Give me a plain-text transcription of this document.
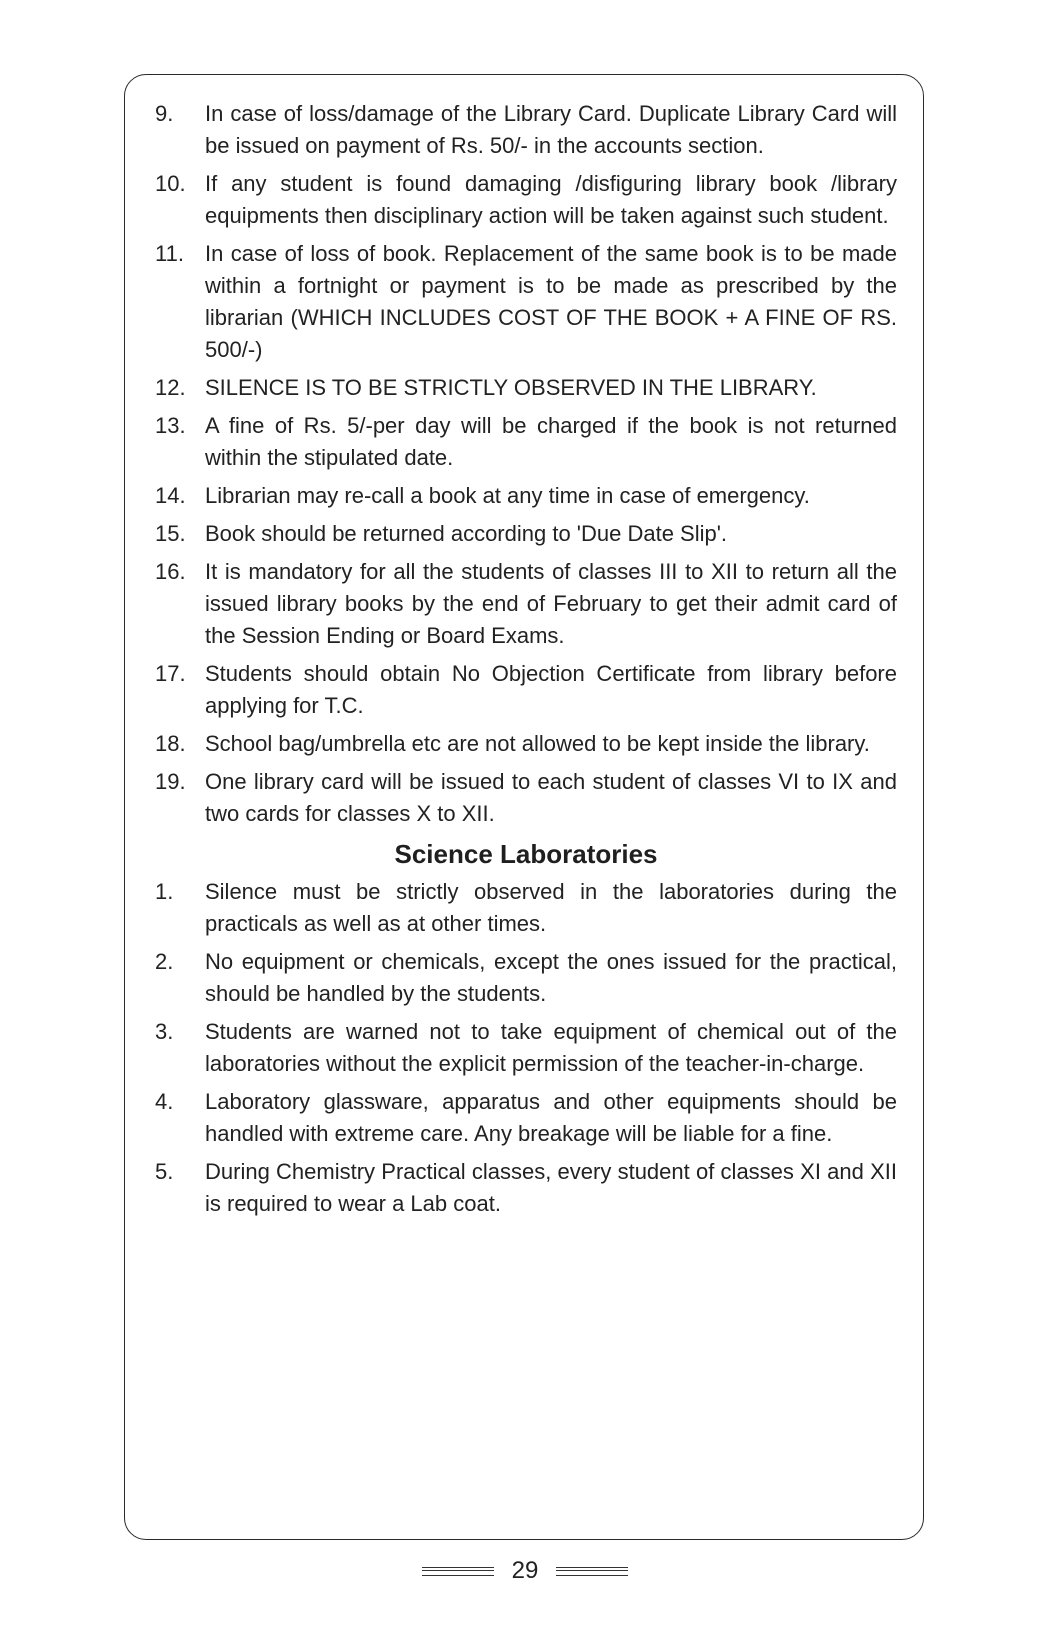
9.	In case of loss/damage of the Library Card. Duplicate Library Card will be issued on payment of Rs. 50/- in the accounts section.
10. If any student is found damaging /disfiguring library book /library equipments then disciplinary action will be taken against such student.
11. In case of loss of book. Replacement of the same book is to be made within a fortnight or payment is to be made as prescribed by the librarian (WHICH INCLUDES COST OF THE BOOK + A FINE OF RS. 500/-)
12. SILENCE IS TO BE STRICTLY OBSERVED IN THE LIBRARY.
13. A fine of Rs. 5/-per day will be charged if the book is not returned within the stipulated date.
14. Librarian may re-call a book at any time in case of emergency.
15. Book should be returned according to 'Due Date Slip'.
16. It is mandatory for all the students of classes III to XII to return all the issued library books by the end of February to get their admit card of the Session Ending or Board Exams.
17. Students should obtain No Objection Certificate from library before applying for T.C.
18. School bag/umbrella etc are not allowed to be kept inside the library.
19. One library card will be issued to each student of classes VI to IX and two cards for classes X to XII.
Science Laboratories
1.	Silence must be strictly observed in the laboratories during the practicals as well as at other times.
2.	No equipment or chemicals, except the ones issued for the practical, should be handled by the students.
3.	Students are warned not to take equipment of chemical out of the laboratories without the explicit permission of the teacher-in-charge.
4.	Laboratory glassware, apparatus and other equipments should be handled with extreme care. Any breakage will be liable for a fine.
5.	During Chemistry Practical classes, every student of classes XI and XII is required to wear a Lab coat.
29
